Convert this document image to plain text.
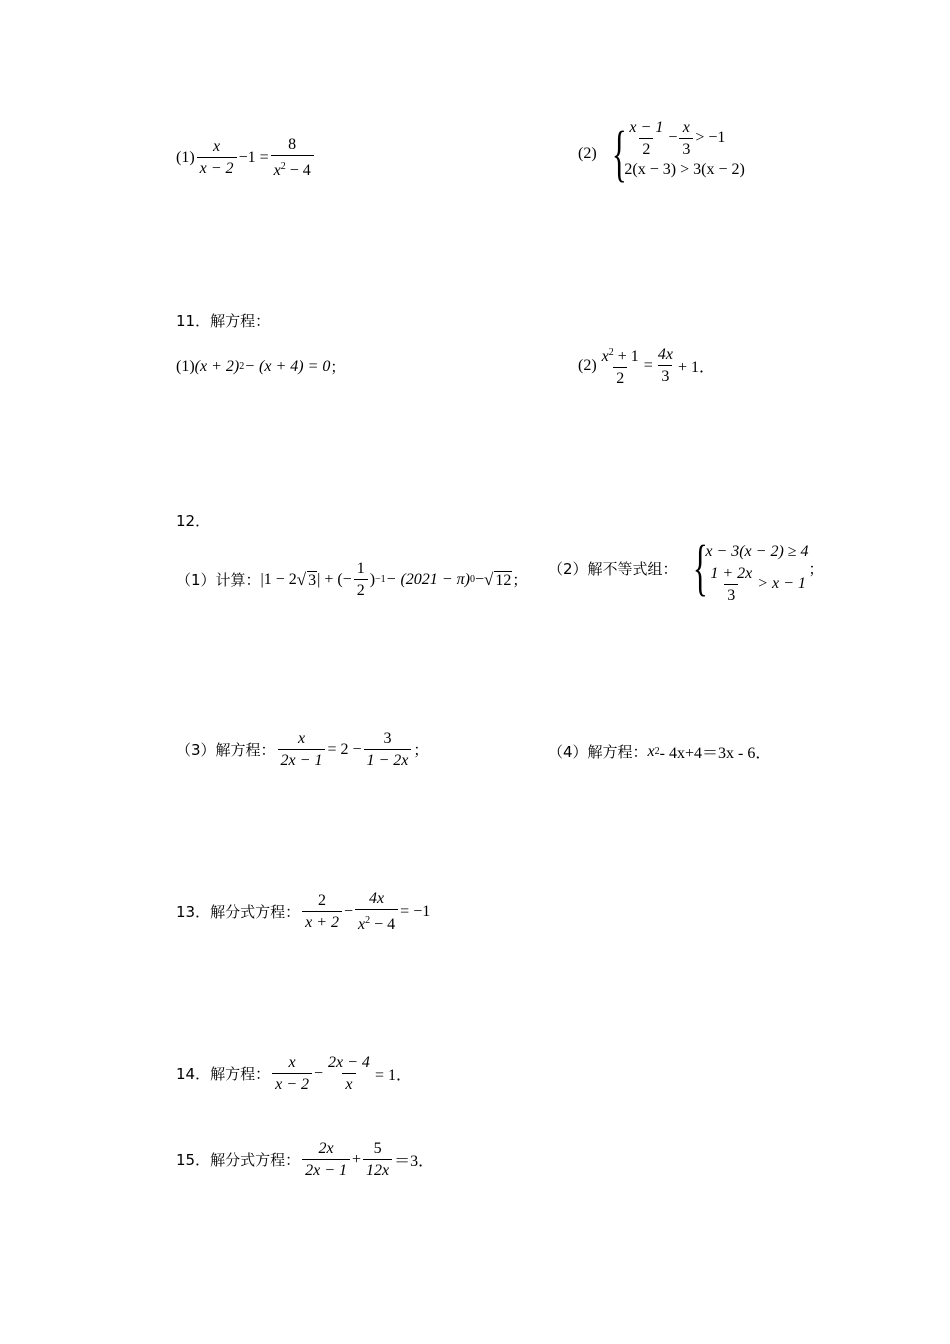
$(1) \frac{x}{x - 2} -1 = \frac{8}{x^2 - 4}$	(2) { $\frac{x - 1}{2} - \frac{x}{3} > -1$
2(x − 3) > 3(x − 2)
11．解方程：
(1) (x + 2) 2 − (x + 4) = 0 ；	$(2) \frac{x^2 + 1}{2} = \frac{4x}{3} + 1$．
12．
（1）计算： |1 − 2 √ 3 | + (− $\frac{1}{2}$ ) −1 − (2021 − π) 0 − √ 12 ；
（2）解不等式组： {
x − 3(x − 2) ≥ 4
$\frac{1 + 2x}{3} > x - 1$
；
（3）解方程： $\frac{x}{2x - 1} = 2 - \frac{3}{1 - 2x}$ ；	（4）解方程： x 2 - 4x+4＝3x - 6．
13．解分式方程： $\frac{2}{x + 2} - \frac{4x}{x^2 - 4} = -1$
14．解方程： $\frac{x}{x - 2} - \frac{2x - 4}{x} = 1$．
15．解分式方程： $\frac{2x}{2x - 1} + \frac{5}{12x} =3$．
